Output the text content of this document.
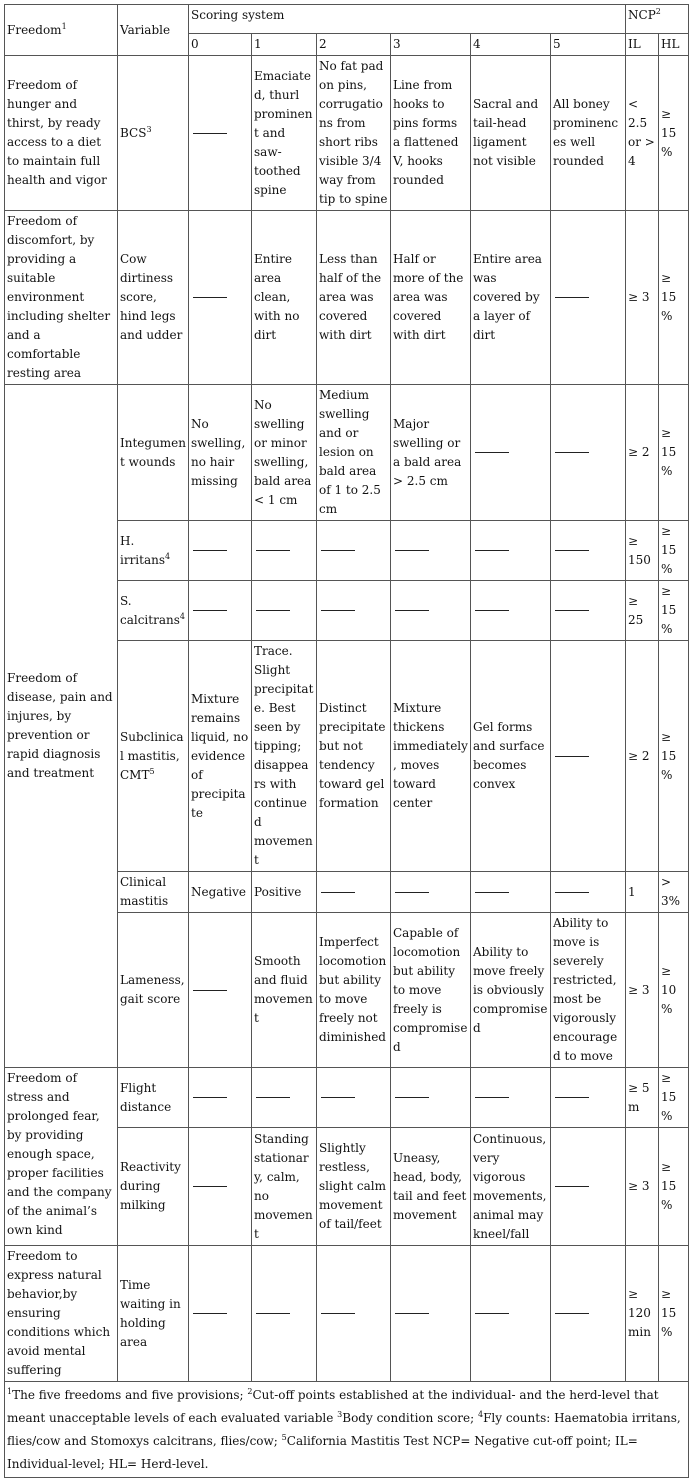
Freedom$^1$	Variable	Scoring system						NCP$^2$
		0	1	2	3	4	5	IL	HL
Freedom of hunger and thirst, by ready access to a diet to maintain full health and vigor	BCS$^3$		Emaciated, thurl prominent and saw-toothed spine	No fat pad on pins, corrugations from short ribs visible 3/4 way from tip to spine	Line from hooks to pins forms a flattened V, hooks rounded	Sacral and tail-head ligament not visible	All boney prominences well rounded	< 2.5 or > 4	≥ 15%
Freedom of discomfort, by providing a suitable environment including shelter and a comfortable resting area	Cow dirtiness score, hind legs and udder		Entire area clean, with no dirt	Less than half of the area was covered with dirt	Half or more of the area was covered with dirt	Entire area was covered by a layer of dirt		≥ 3	≥ 15%
Freedom of disease, pain and injures, by prevention or rapid diagnosis and treatment	Integument wounds	No swelling, no hair missing	No swelling or minor swelling, bald area < 1 cm	Medium swelling and or lesion on bald area of 1 to 2.5 cm	Major swelling or a bald area > 2.5 cm			≥ 2	≥ 15%
	H. irritans$^4$							≥ 150	≥ 15%
	S. calcitrans$^4$							≥ 25	≥ 15%
	Subclinical mastitis, CMT$^5$	Mixture remains liquid, no evidence of precipitate	Trace. Slight precipitate. Best seen by tipping; disappears with continued movement	Distinct precipitate but not tendency toward gel formation	Mixture thickens immediately, moves toward center	Gel forms and surface becomes convex		≥ 2	≥ 15%
	Clinical mastitis	Negative	Positive					1	> 3%
	Lameness, gait score		Smooth and fluid movement	Imperfect locomotion but ability to move freely not diminished	Capable of locomotion but ability to move freely is compromised	Ability to move freely is obviously compromised	Ability to move is severely restricted, most be vigorously encouraged to move	≥ 3	≥ 10%
Freedom of stress and prolonged fear, by providing enough space, proper facilities and the company of the animal’s own kind	Flight distance							≥ 5 m	≥ 15%
	Reactivity during milking		Standing stationary, calm, no movement	Slightly restless, slight calm movement of tail/feet	Uneasy, head, body, tail and feet movement	Continuous, very vigorous movements, animal may kneel/fall		≥ 3	≥ 15%
Freedom to express natural behavior,by ensuring conditions which avoid mental suffering	Time waiting in holding area							≥ 120 min	≥ 15%
$^1$The five freedoms and five provisions; $^2$Cut-off points established at the individual- and the herd-level that meant unacceptable levels of each evaluated variable $^3$Body condition score; $^4$Fly counts: Haematobia irritans, flies/cow and Stomoxys calcitrans, flies/cow; $^5$California Mastitis Test NCP= Negative cut-off point; IL= Individual-level; HL= Herd-level.									
